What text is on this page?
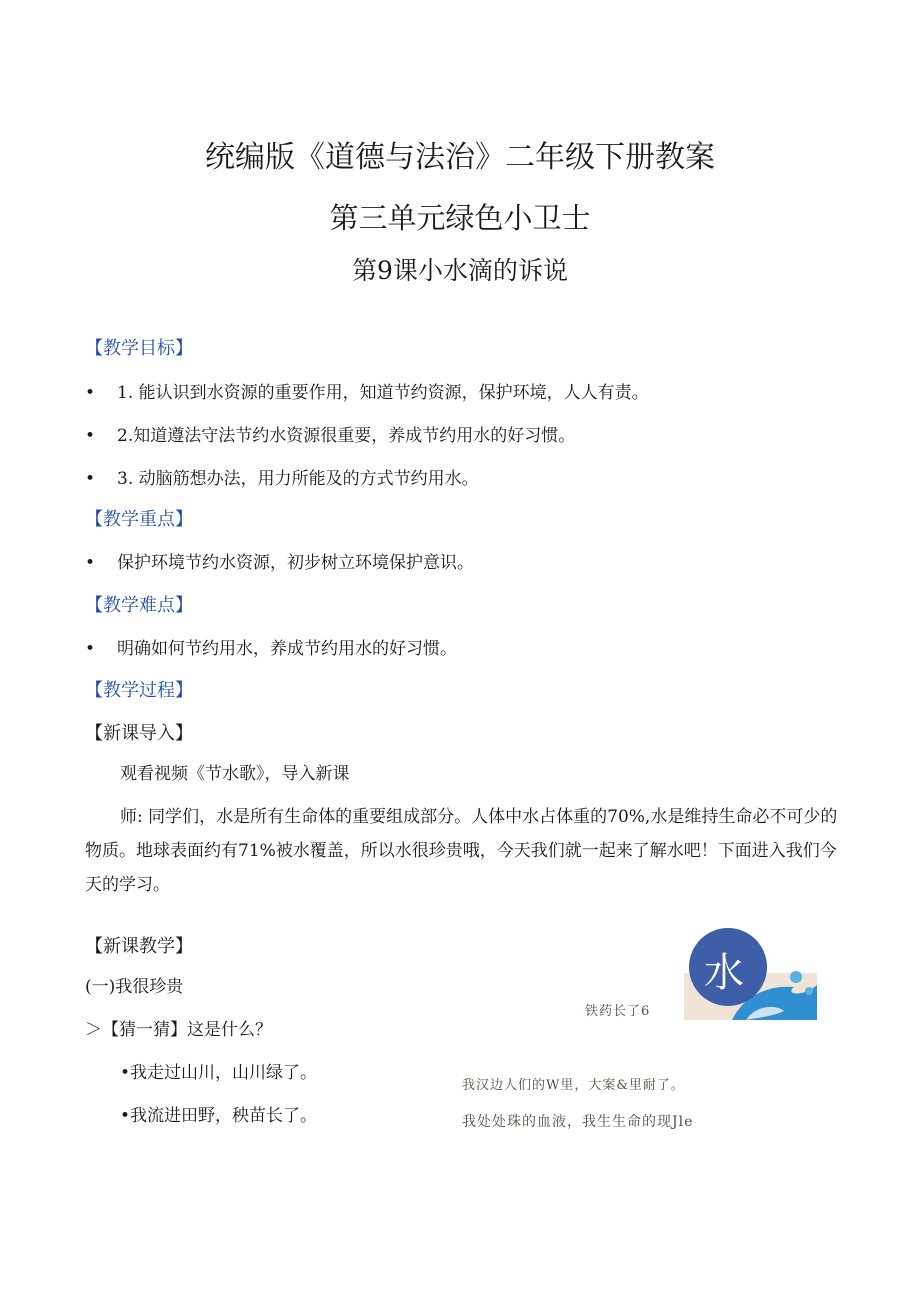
统编版《道德与法治》二年级下册教案
第三单元绿色小卫士
第9课小水滴的诉说
【教学目标】
• 1. 能认识到水资源的重要作用，知道节约资源，保护环境，人人有责。
• 2.知道遵法守法节约水资源很重要，养成节约用水的好习惯。
• 3. 动脑筋想办法，用力所能及的方式节约用水。
【教学重点】
• 保护环境节约水资源，初步树立环境保护意识。
【教学难点】
• 明确如何节约用水，养成节约用水的好习惯。
【教学过程】
【新课导入】
观看视频《节水歌》，导入新课
师: 同学们，水是所有生命体的重要组成部分。人体中水占体重的70%,水是维持生命必不可少的物质。地球表面约有71%被水覆盖，所以水很珍贵哦，今天我们就一起来了解水吧！下面进入我们今天的学习。
【新课教学】
(一)我很珍贵
＞【猜一猜】这是什么？
•我走过山川，山川绿了。
•我流进田野，秧苗长了。
水
铁药长了6
我汉边人们的W里，大案&里耐了。
我处处珠的血液，我生生命的现Jle
